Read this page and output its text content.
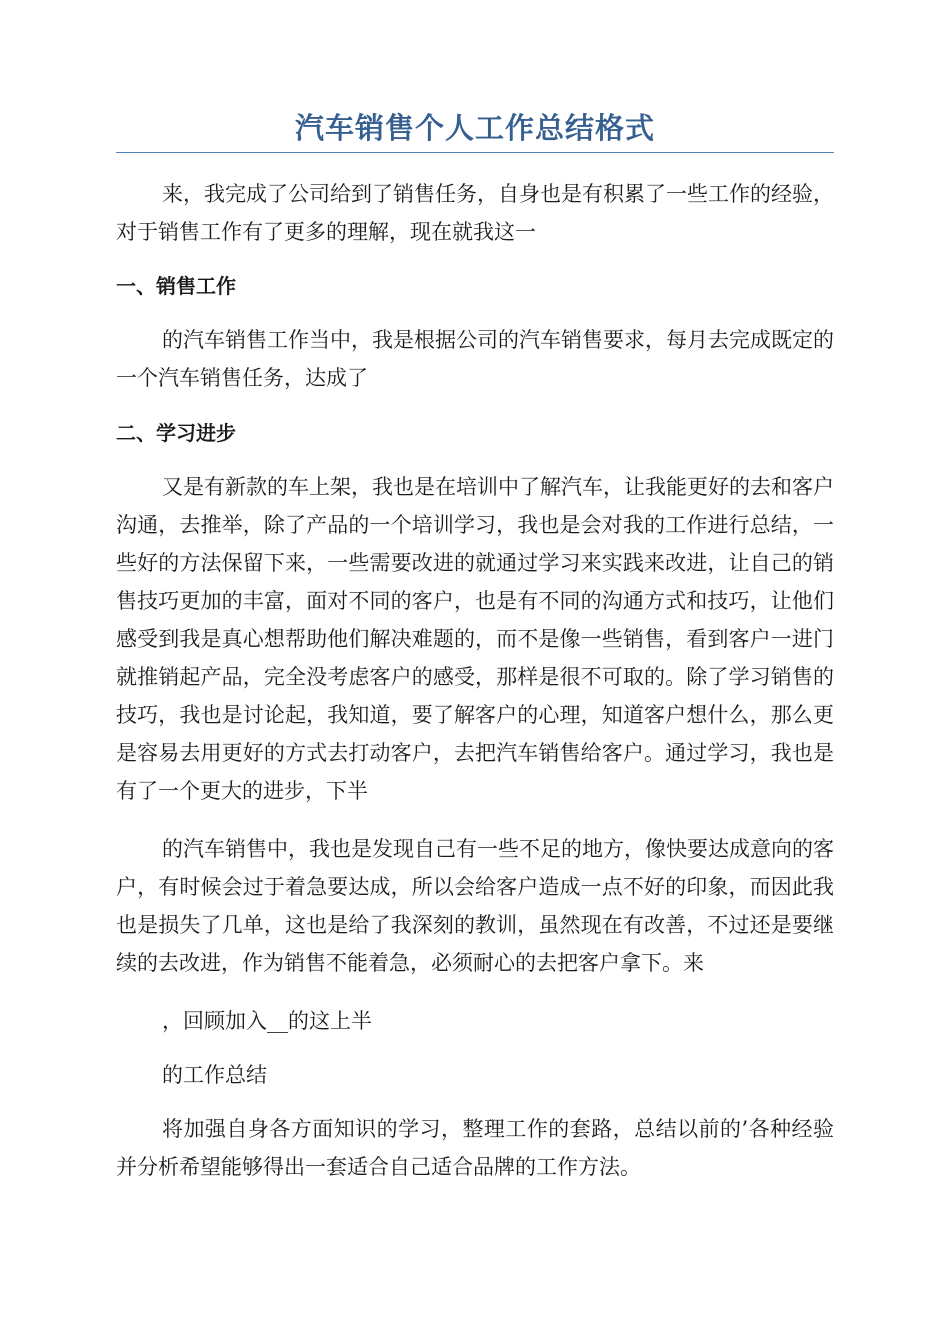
汽车销售个人工作总结格式

来，我完成了公司给到了销售任务，自身也是有积累了一些工作的经验，对于销售工作有了更多的理解，现在就我这一

一、销售工作

的汽车销售工作当中，我是根据公司的汽车销售要求，每月去完成既定的一个汽车销售任务，达成了

二、学习进步

又是有新款的车上架，我也是在培训中了解汽车，让我能更好的去和客户沟通，去推举，除了产品的一个培训学习，我也是会对我的工作进行总结，一些好的方法保留下来，一些需要改进的就通过学习来实践来改进，让自己的销售技巧更加的丰富，面对不同的客户，也是有不同的沟通方式和技巧，让他们感受到我是真心想帮助他们解决难题的，而不是像一些销售，看到客户一进门就推销起产品，完全没考虑客户的感受，那样是很不可取的。除了学习销售的技巧，我也是讨论起，我知道，要了解客户的心理，知道客户想什么，那么更是容易去用更好的方式去打动客户，去把汽车销售给客户。通过学习，我也是有了一个更大的进步，下半

的汽车销售中，我也是发现自己有一些不足的地方，像快要达成意向的客户，有时候会过于着急要达成，所以会给客户造成一点不好的印象，而因此我也是损失了几单，这也是给了我深刻的教训，虽然现在有改善，不过还是要继续的去改进，作为销售不能着急，必须耐心的去把客户拿下。来

，回顾加入__的这上半

的工作总结

将加强自身各方面知识的学习，整理工作的套路，总结以前的’各种经验并分析希望能够得出一套适合自己适合品牌的工作方法。
